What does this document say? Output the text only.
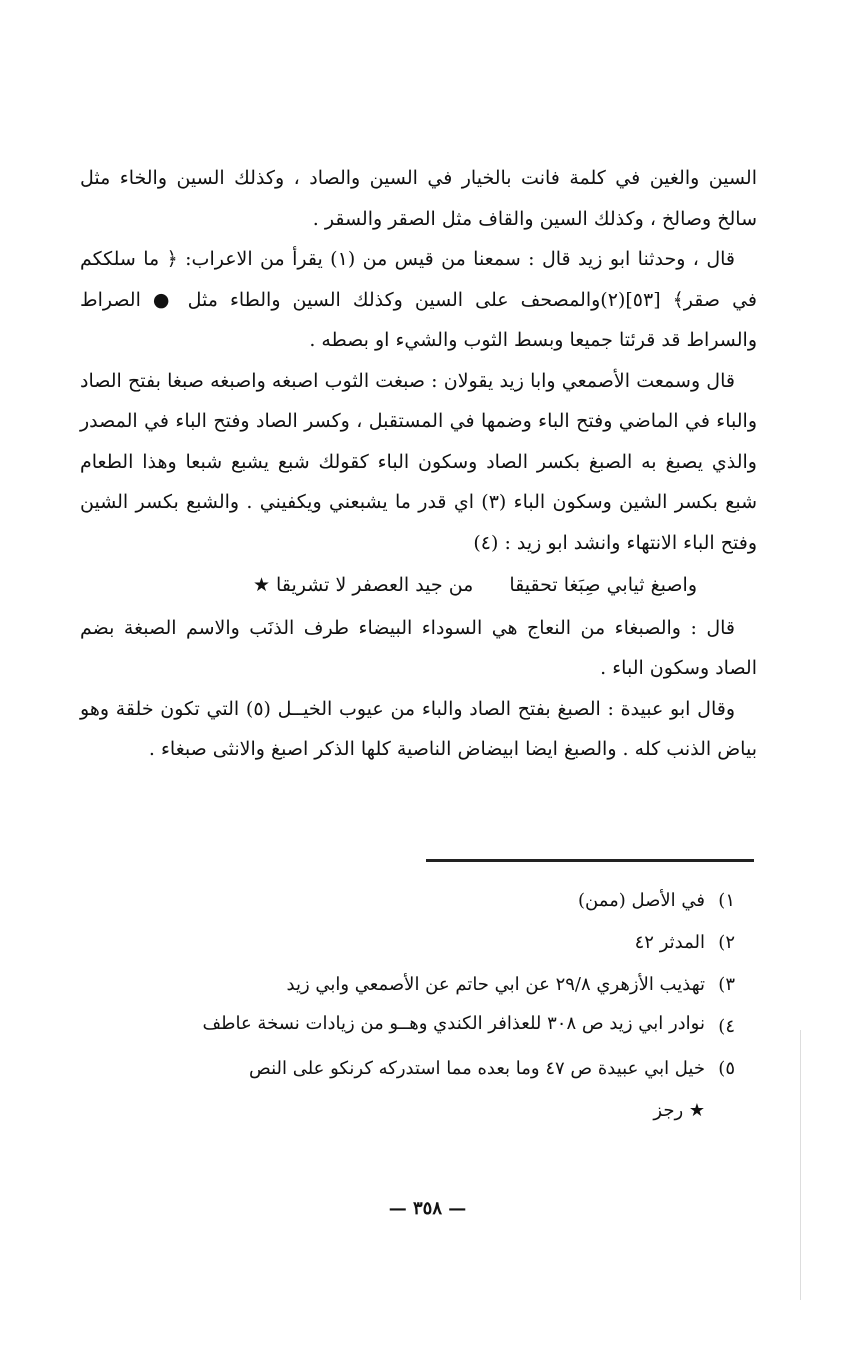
السين والغين في كلمة فانت بالخيار في السين والصاد ، وكذلك السين والخاء مثل سالخ وصالخ ، وكذلك السين والقاف مثل الصقر والسقر .

قال ، وحدثنا ابو زيد قال : سمعنا من قيس من (١) يقرأ من الاعراب: ﴿ ما سلككم في صقر﴾ [٥٣](٢)والمصحف على السين وكذلك السين والطاء مثل ● الصراط والسراط قد قرئتا جميعا وبسط الثوب والشيء او بصطه .

قال وسمعت الأصمعي وابا زيد يقولان : صبغت الثوب اصبغه واصبغه صبغا بفتح الصاد والباء في الماضي وفتح الباء وضمها في المستقبل ، وكسر الصاد وفتح الباء في المصدر والذي يصبغ به الصبغ بكسر الصاد وسكون الباء كقولك شبع يشبع شبعا وهذا الطعام شبع بكسر الشين وسكون الباء (٣) اي قدر ما يشبعني ويكفيني . والشبع بكسر الشين وفتح الباء الانتهاء وانشد ابو زيد : (٤)

واصبغ ثيابي صِبَغا تحقيقا من جيد العصفر لا تشريقا ★

قال : والصبغاء من النعاج هي السوداء البيضاء طرف الذنَب والاسم الصبغة بضم الصاد وسكون الباء .

وقال ابو عبيدة : الصبغ بفتح الصاد والباء من عيوب الخيــل (٥) التي تكون خلقة وهو بياض الذنب كله . والصبغ ايضا ابيضاض الناصية كلها الذكر اصبغ والانثى صبغاء .

١)
في الأصل (ممن)
٢)
المدثر ٤٢
٣)
تهذيب الأزهري ٢٩/٨ عن ابي حاتم عن الأصمعي وابي زيد
٤)
نوادر ابي زيد ص ٣٠٨ للعذافر الكندي وهــو من زيادات نسخة عاطف
٥)
خيل ابي عبيدة ص ٤٧ وما بعده مما استدركه كرنكو على النص
★ رجز
— ٣٥٨ —
